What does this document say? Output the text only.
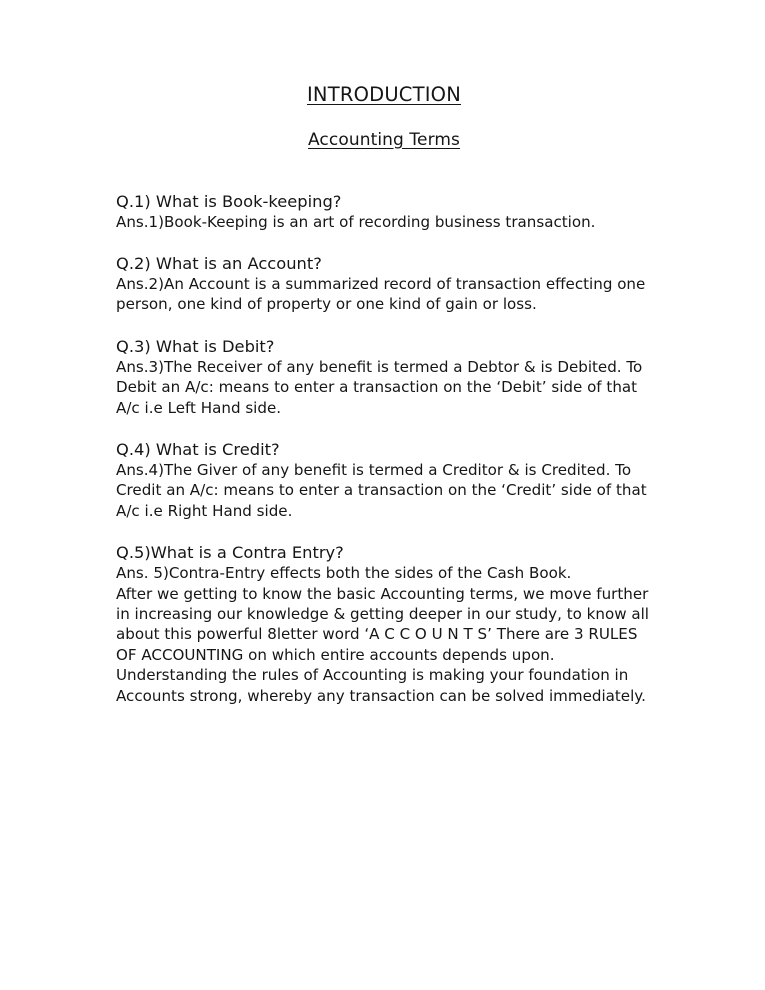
INTRODUCTION
Accounting Terms

Q.1) What is Book-keeping?

Ans.1)Book-Keeping is an art of recording business transaction.

Q.2) What is an Account?

Ans.2)An Account is a summarized record of transaction effecting one person, one kind of property or one kind of gain or loss.

Q.3) What is Debit?

Ans.3)The Receiver of any benefit is termed a Debtor & is Debited. To Debit an A/c: means to enter a transaction on the ‘Debit’ side of that A/c i.e Left Hand side.

Q.4) What is Credit?

Ans.4)The Giver of any benefit is termed a Creditor & is Credited. To Credit an A/c: means to enter a transaction on the ‘Credit’ side of that A/c i.e Right Hand side.

Q.5)What is a Contra Entry?

Ans. 5)Contra-Entry effects both the sides of the Cash Book.

After we getting to know the basic Accounting terms, we move further in increasing our knowledge & getting deeper in our study, to know all about this powerful 8letter word ‘A C C O U N T S’ There are 3 RULES OF ACCOUNTING on which entire accounts depends upon. Understanding the rules of Accounting is making your foundation in Accounts strong, whereby any transaction can be solved immediately.
